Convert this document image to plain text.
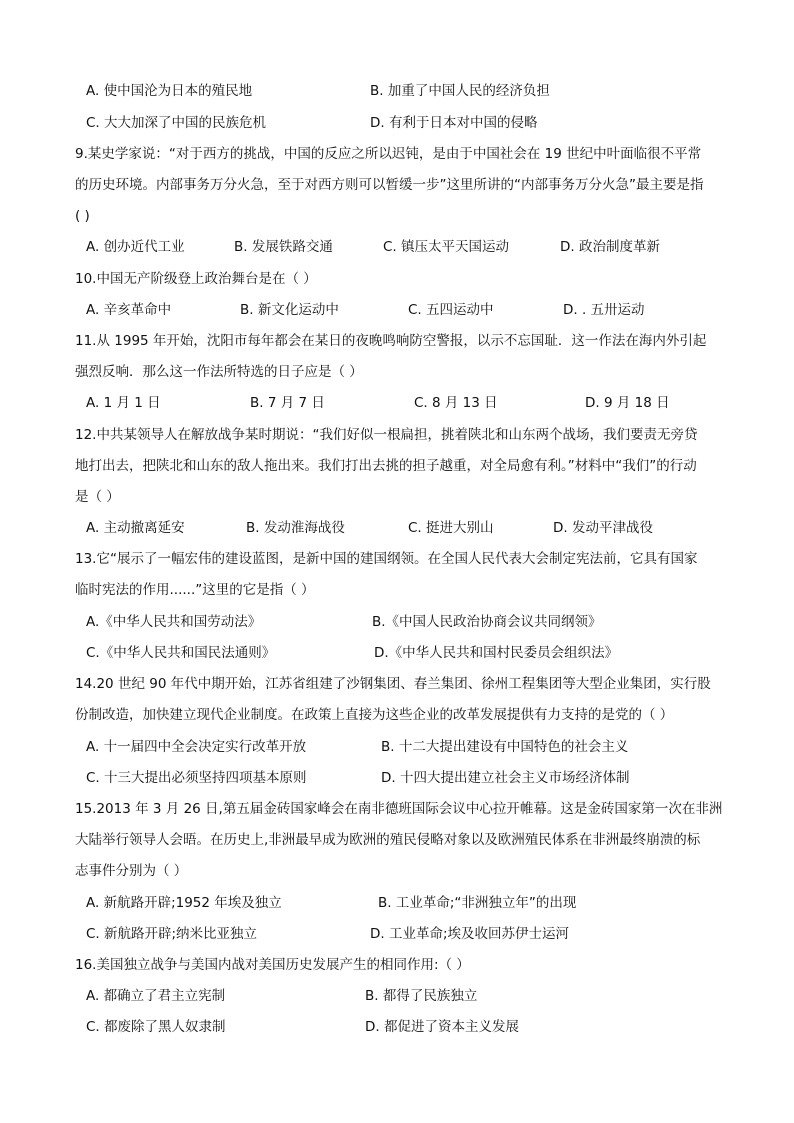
A. 使中国沦为日本的殖民地	B. 加重了中国人民的经济负担
C. 大大加深了中国的民族危机	D. 有利于日本对中国的侵略
9.某史学家说：“对于西方的挑战，中国的反应之所以迟钝，是由于中国社会在 19 世纪中叶面临很不平常
的历史环境。内部事务万分火急，至于对西方则可以暂缓一步”这里所讲的“内部事务万分火急”最主要是指
( )
A. 创办近代工业	B. 发展铁路交通	C. 镇压太平天国运动	D. 政治制度革新
10.中国无产阶级登上政治舞台是在（ ）
A. 辛亥革命中	B. 新文化运动中	C. 五四运动中	D. . 五卅运动
11.从 1995 年开始，沈阳市每年都会在某日的夜晚鸣响防空警报，以示不忘国耻．这一作法在海内外引起
强烈反响．那么这一作法所特选的日子应是（ ）
A. 1 月 1 日	B. 7 月 7 日	C. 8 月 13 日	D. 9 月 18 日
12.中共某领导人在解放战争某时期说：“我们好似一根扁担，挑着陕北和山东两个战场，我们要责无旁贷
地打出去，把陕北和山东的敌人拖出来。我们打出去挑的担子越重，对全局愈有利。”材料中“我们”的行动
是（ ）
A. 主动撤离延安	B. 发动淮海战役	C. 挺进大别山	D. 发动平津战役
13.它“展示了一幅宏伟的建设蓝图，是新中国的建国纲领。在全国人民代表大会制定宪法前，它具有国家
临时宪法的作用......”这里的它是指（ ）
A.《中华人民共和国劳动法》	B.《中国人民政治协商会议共同纲领》
C.《中华人民共和国民法通则》	D.《中华人民共和国村民委员会组织法》
14.20 世纪 90 年代中期开始，江苏省组建了沙钢集团、春兰集团、徐州工程集团等大型企业集团，实行股
份制改造，加快建立现代企业制度。在政策上直接为这些企业的改革发展提供有力支持的是党的（ ）
A. 十一届四中全会决定实行改革开放	B. 十二大提出建设有中国特色的社会主义
C. 十三大提出必须坚持四项基本原则	D. 十四大提出建立社会主义市场经济体制
15.2013 年 3 月 26 日,第五届金砖国家峰会在南非德班国际会议中心拉开帷幕。这是金砖国家第一次在非洲
大陆举行领导人会晤。在历史上,非洲最早成为欧洲的殖民侵略对象以及欧洲殖民体系在非洲最终崩溃的标
志事件分别为（ ）
A. 新航路开辟;1952 年埃及独立	B. 工业革命;“非洲独立年”的出现
C. 新航路开辟;纳米比亚独立	D. 工业革命;埃及收回苏伊士运河
16.美国独立战争与美国内战对美国历史发展产生的相同作用:（ ）
A. 都确立了君主立宪制	B. 都得了民族独立
C. 都废除了黑人奴隶制	D. 都促进了资本主义发展
